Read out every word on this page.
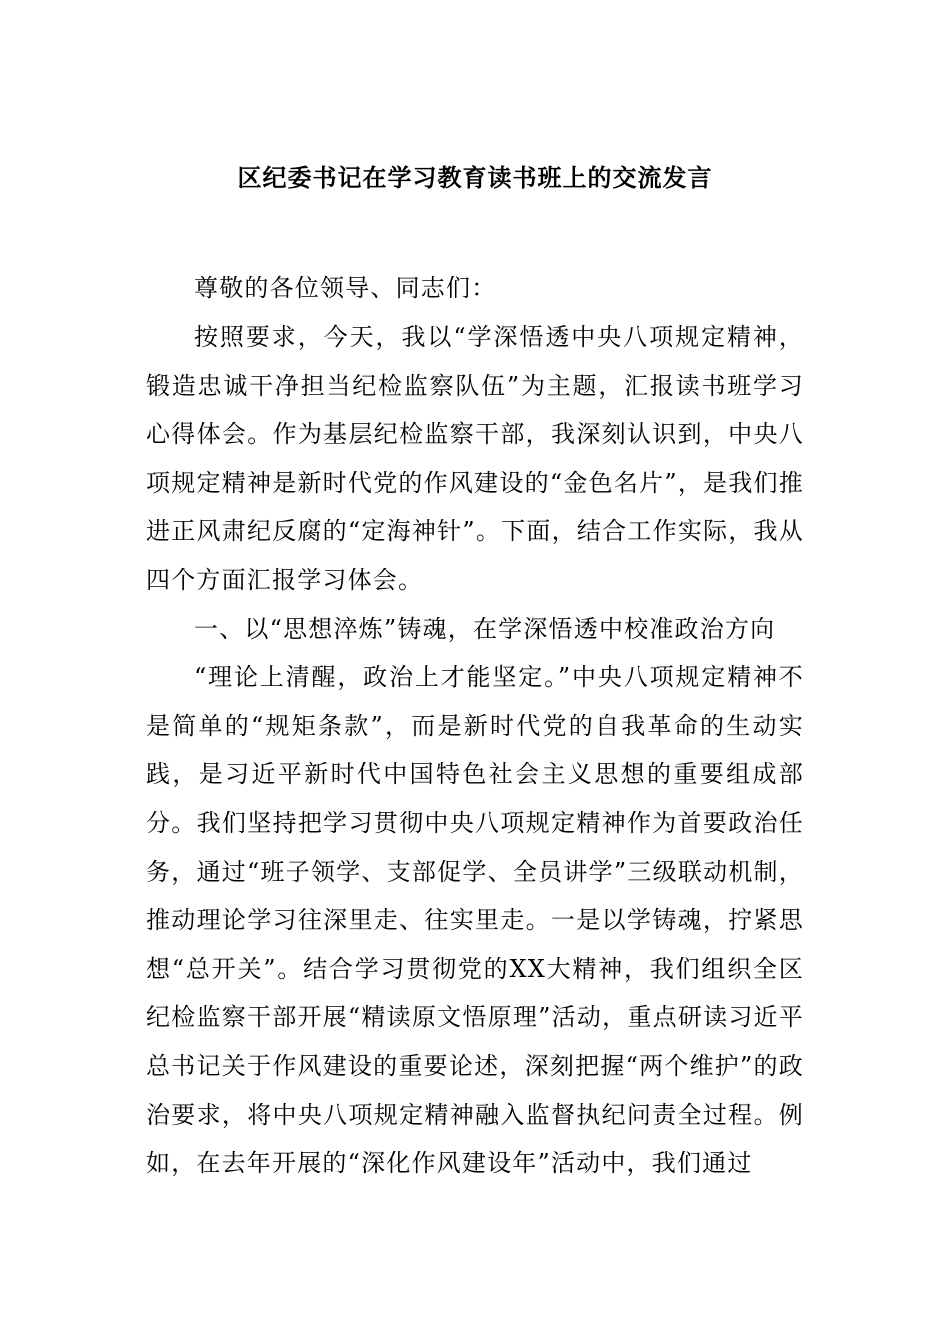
区纪委书记在学习教育读书班上的交流发言

尊敬的各位领导、同志们：

按照要求，今天，我以“学深悟透中央八项规定精神，锻造忠诚干净担当纪检监察队伍”为主题，汇报读书班学习心得体会。作为基层纪检监察干部，我深刻认识到，中央八项规定精神是新时代党的作风建设的“金色名片”，是我们推进正风肃纪反腐的“定海神针”。下面，结合工作实际，我从四个方面汇报学习体会。

一、以“思想淬炼”铸魂，在学深悟透中校准政治方向

“理论上清醒，政治上才能坚定。”中央八项规定精神不是简单的“规矩条款”，而是新时代党的自我革命的生动实践，是习近平新时代中国特色社会主义思想的重要组成部分。我们坚持把学习贯彻中央八项规定精神作为首要政治任务，通过“班子领学、支部促学、全员讲学”三级联动机制，推动理论学习往深里走、往实里走。一是以学铸魂，拧紧思想“总开关”。结合学习贯彻党的XX大精神，我们组织全区纪检监察干部开展“精读原文悟原理”活动，重点研读习近平总书记关于作风建设的重要论述，深刻把握“两个维护”的政治要求，将中央八项规定精神融入监督执纪问责全过程。例如，在去年开展的“深化作风建设年”活动中，我们通过
